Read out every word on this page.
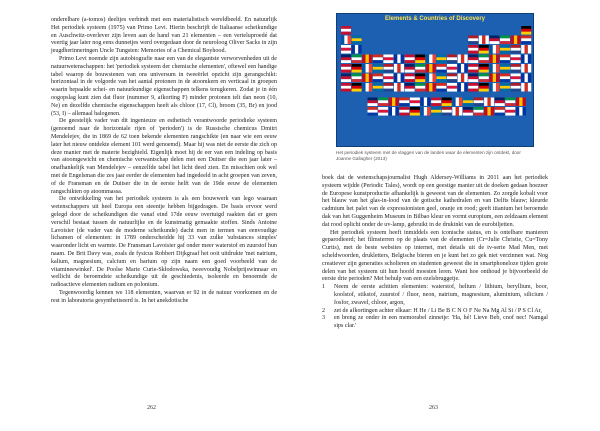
onderelbare (a-tomos) deeltjes verbindt met een materialistisch wereldbeeld. En natuurlijk Het periodiek systeem (1975) van Primo Levi. Hierin beschrijft de Italiaanse scheikundige en Auschwitz-overlever zijn leven aan de hand van 21 elementen – een verteluproedé dat veertig jaar later nog eens dunnetjes werd overgedaan door de neuroloog Oliver Sacks in zijn jeugdherinneringen Uncle Tungsten: Memories of a Chemical Boyhood.

Primo Levi noemde zijn autobiografie naar een van de elegantste verworvenheden uit de natuurwetenschappen: het 'periodiek systeem der chemische elementen', oftewel een handige tabel waarop de bouwstenen van ons universum in tweeërlei opzicht zijn gerangschikt: horizontaal in de volgorde van het aantal protonen in de atoomkern en verticaal in groepen waarin bepaalde schei- en natuurkundige eigenschappen telkens terugkeren. Zodat je in één oogopslag kunt zien dat fluor (nummer 9, afkorting F) minder protonen telt dan neon (10, Ne) en dezelfde chemische eigenschappen heeft als chloor (17, Cl), broom (35, Br) en jood (53, I) – allemaal halogenen.

De geestelijk vader van dit ingenieuze en esthetisch verantwoorde periodieke systeem (genoemd naar de horizontale rijen of 'perioden') is de Russische chemicus Dmitri Mendelejev, die in 1869 de 62 toen bekende elementen rangschikte (en naar wie een eeuw later het nieuw ontdekte element 101 werd genoemd). Maar hij was niet de eerste die zich op deze manier met de materie bezighield. Eigenlijk moet hij de eer van een indeling op basis van atoomgewicht en chemische verwantschap delen met een Duitser die een jaar later – onafhankelijk van Mendelejev – eenzelfde tabel het licht deed zien. En misschien ook wel met de Engelsman die zes jaar eerder de elementen had ingedeeld in acht groepen van zeven, of de Fransman en de Duitser die in de eerste helft van de 19de eeuw de elementen rangschikten op atoommassa.

De ontwikkeling van het periodiek systeem is als een bouwwerk van lego waaraan wetenschappers uit heel Europa een steentje hebben bijgedragen. De basis ervoor werd gelegd door de scheikundigen die vanaf eind 17de eeuw overtuigd raakten dat er geen verschil bestaat tussen de natuurlijke en de kunstmatig gemaakte stoffen. Sinds Antoine Lavoisier (de vader van de moderne scheikunde) dacht men in termen van eenvoudige lichamen of elementen: in 1789 onderscheidde hij 33 van zulke 'substances simples' waaronder licht en warmte. De Fransman Lavoisier gaf onder meer waterstof en zuurstof hun naam. De Brit Davy was, zoals de fysicus Robbert Dijkgraaf het ooit uitdrukte 'met natrium, kalium, magnesium, calcium en barium op zijn naam een goed voorbeeld van de vitamineewinkel'. De Poolse Marie Curie-Skłodowska, tweevoudig Nobelprijswinnaar en wellicht de beroemdste scheikundige uit de geschiedenis, isoleerde en benoemde de radioactieve elementen radium en polonium.

Tegenwoordig kennen we 118 elementen, waarvan er 92 in de natuur voorkomen en de rest in laboratoria gesynthetiseerd is. In het anekdotische

262
Elements & Countries of Discovery
Het periodiek systeem met de vlaggen van de landen waar de elementen zijn ontdekt, door Joanne Gallagher (2013)

boek dat de wetenschapsjournalist Hugh Aldersey-Williams in 2011 aan het periodiek systeem wijdde (Periodic Tales), wordt op een geestige manier uit de doeken gedaan hoezeer de Europese kunstproductie afhankelijk is geweest van de elementen. Zo zorgde kobalt voor het blauw van het glas-in-lood van de gotische kathedralen en van Delfts blauw; kleurde cadmium het palet van de expressionisten geel, oranje en rood; geeft titanium het beroemde dak van het Guggenheim Museum in Bilbao kleur en vormt europium, een zeldzaam element dat rood oplicht onder de uv-lamp, gebruikt in de drukinkt van de eurobiljetten.

Het periodiek systeem heeft inmiddels een iconische status, en is ontelbare manieren geparodieerd; het filmsterren op de plaats van de elementen (Cr=Julie Christie, Cu=Tony Curtis), met de beste websites op internet, met details uit de tv-serie Mad Men, met scheldwoorden, drukletters, Belgische bieren en je kunt het zo gek niet verzinnen wat. Nog creatiever zijn generaties scholieren en studenten geweest die in smartphonelozе tijden grote delen van het systeem uit hun hoofd moesten leren. Want hoe onthoud je bijvoorbeeld de eerste drie perioden? Met behulp van een ezelsbruggetje.

1 Neem de eerste achttien elementen: waterstof, helium / lithium, beryllium, boor, koolstof, stikstof, zuurstof / fluor, neon, natrium, magnesium, aluminium, silicium / fosfor, zwavel, chloor, argon,
2 zet de afkortingen achter elkaar: H He / Li Be B C N O F Ne Na Mg Al Si / P S Cl Ar,
3 en breng ze onder in een memorabel zinnetje: 'Ha, hé! Lieve Beb, cnof nec! Namgal sips clar.'
263
